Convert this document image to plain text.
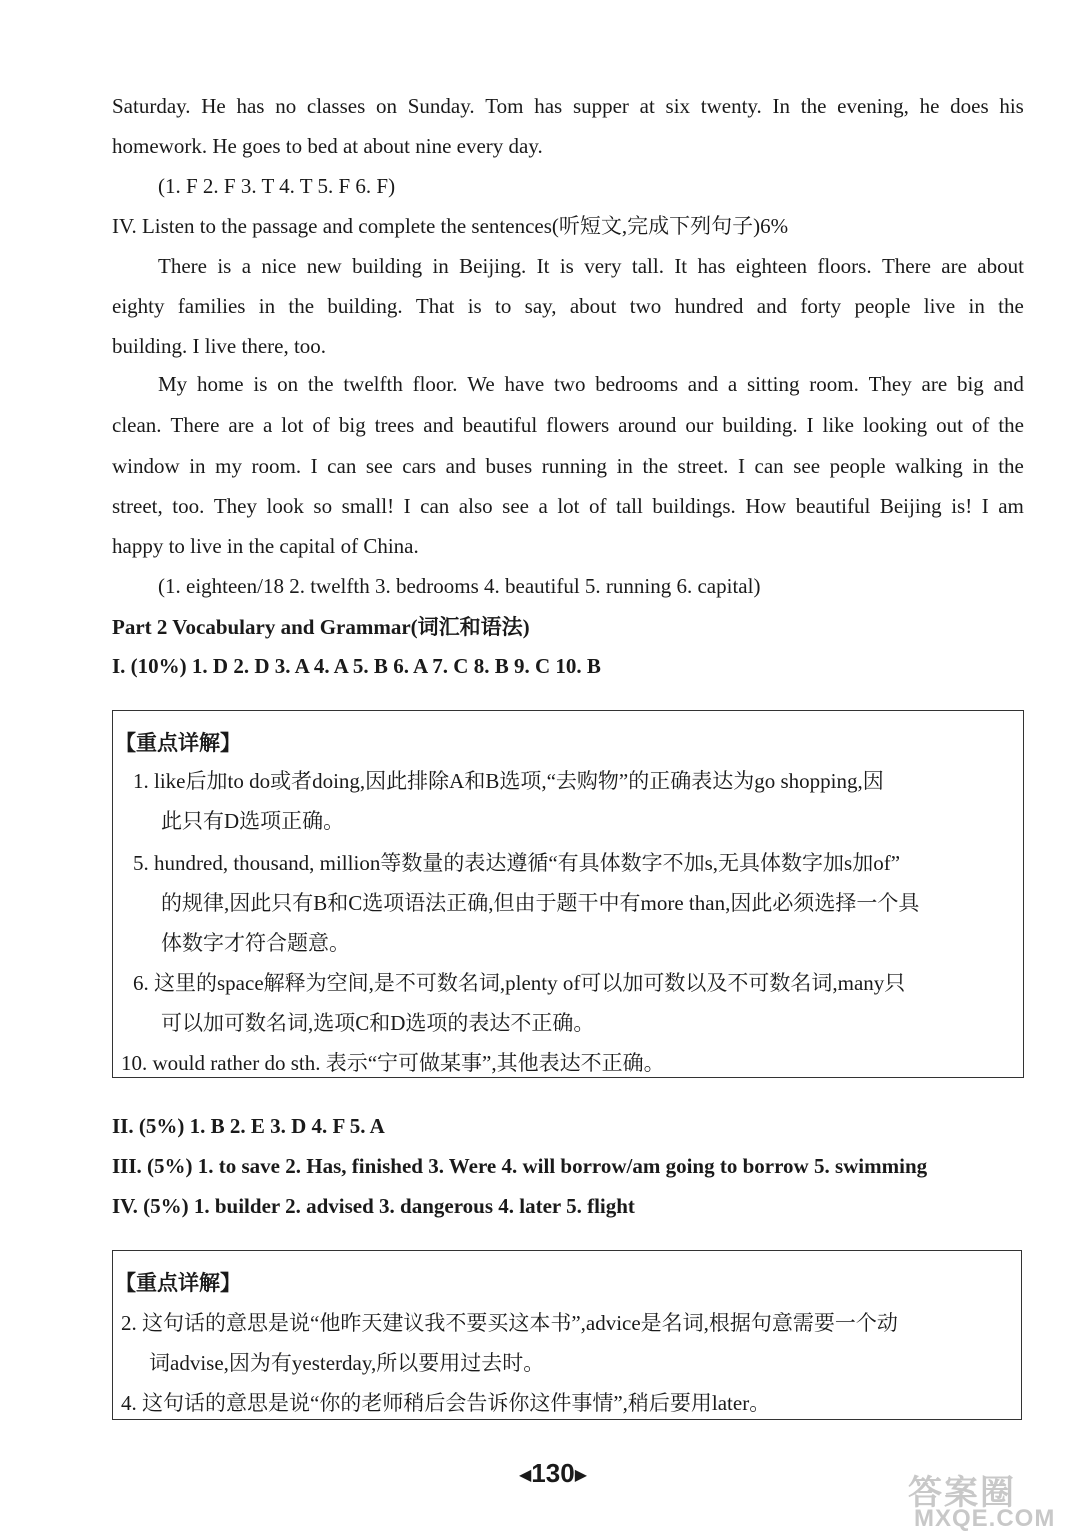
Saturday. He has no classes on Sunday. Tom has supper at six twenty. In the evening, he does his
homework. He goes to bed at about nine every day.
(1. F 2. F 3. T 4. T 5. F 6. F)
IV. Listen to the passage and complete the sentences(听短文,完成下列句子)6%
There is a nice new building in Beijing. It is very tall. It has eighteen floors. There are about
eighty families in the building. That is to say, about two hundred and forty people live in the
building. I live there, too.
My home is on the twelfth floor. We have two bedrooms and a sitting room. They are big and
clean. There are a lot of big trees and beautiful flowers around our building. I like looking out of the
window in my room. I can see cars and buses running in the street. I can see people walking in the
street, too. They look so small! I can also see a lot of tall buildings. How beautiful Beijing is! I am
happy to live in the capital of China.
(1. eighteen/18 2. twelfth 3. bedrooms 4. beautiful 5. running 6. capital)
Part 2 Vocabulary and Grammar(词汇和语法)
I. (10%) 1. D 2. D 3. A 4. A 5. B 6. A 7. C 8. B 9. C 10. B
【重点详解】
1. like后加to do或者doing,因此排除A和B选项,“去购物”的正确表达为go shopping,因
此只有D选项正确。
5. hundred, thousand, million等数量的表达遵循“有具体数字不加s,无具体数字加s加of”
的规律,因此只有B和C选项语法正确,但由于题干中有more than,因此必须选择一个具
体数字才符合题意。
6. 这里的space解释为空间,是不可数名词,plenty of可以加可数以及不可数名词,many只
可以加可数名词,选项C和D选项的表达不正确。
10. would rather do sth. 表示“宁可做某事”,其他表达不正确。
II. (5%) 1. B 2. E 3. D 4. F 5. A
III. (5%) 1. to save 2. Has, finished 3. Were 4. will borrow/am going to borrow 5. swimming
IV. (5%) 1. builder 2. advised 3. dangerous 4. later 5. flight
【重点详解】
2. 这句话的意思是说“他昨天建议我不要买这本书”,advice是名词,根据句意需要一个动
词advise,因为有yesterday,所以要用过去时。
4. 这句话的意思是说“你的老师稍后会告诉你这件事情”,稍后要用later。
◀130▶	答案圈
MXQE.COM
